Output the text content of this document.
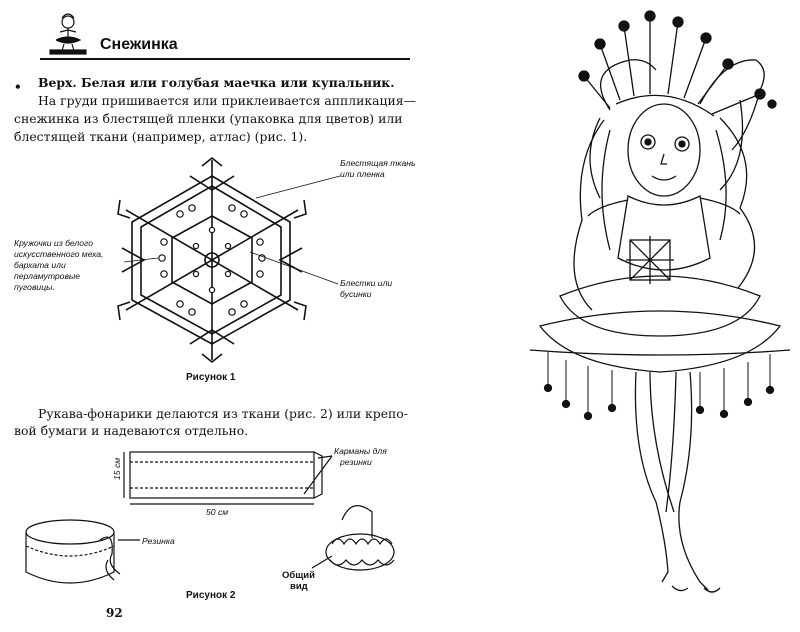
Снежинка
• Верх. Белая или голубая маечка или купальник.
На груди пришивается или приклеивается аппликация—
снежинка из блестящей пленки (упаковка для цветов) или
блестящей ткани (например, атлас) (рис. 1).
Блестящая ткань
или пленка
Кружочки из белого
искусственного меха,
бархата или
перламутровые
пуговицы.	Блестки или
бусинки
Рисунок 1
Рукава-фонарики делаются из ткани (рис. 2) или крепо-
вой бумаги и надеваются отдельно.
15 см
50 см
Карманы для
резинки
Резинка
Общий
вид
Рисунок 2
92
